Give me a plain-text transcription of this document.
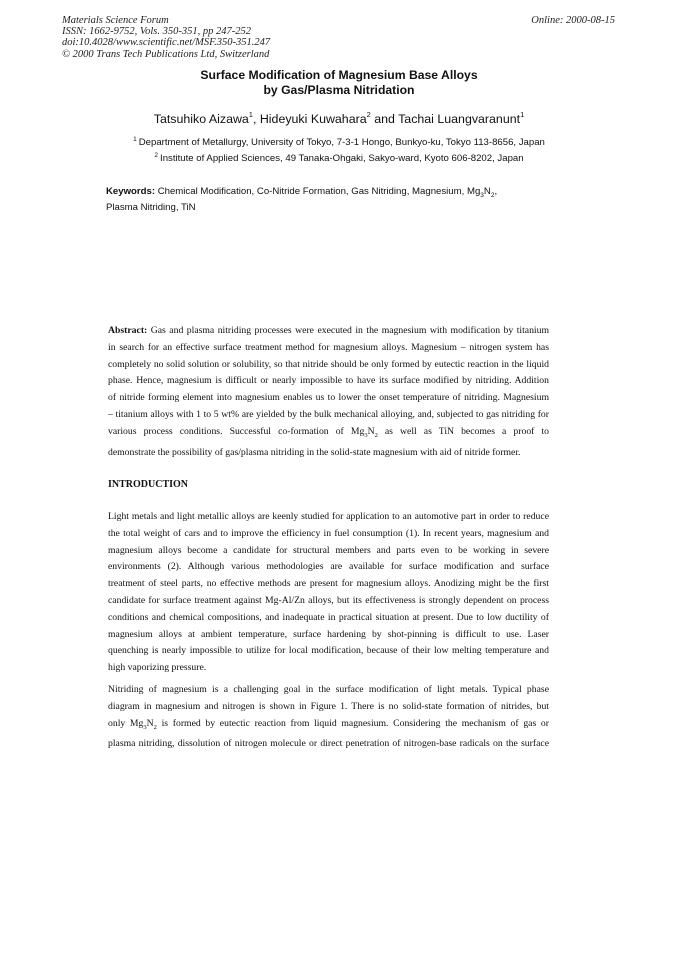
Materials Science Forum
ISSN: 1662-9752, Vols. 350-351, pp 247-252
doi:10.4028/www.scientific.net/MSF.350-351.247
© 2000 Trans Tech Publications Ltd, Switzerland
Online: 2000-08-15
Surface Modification of Magnesium Base Alloys
by Gas/Plasma Nitridation
Tatsuhiko Aizawa$^1$, Hideyuki Kuwahara$^2$ and Tachai Luangvaranunt$^1$
$^1$ Department of Metallurgy, University of Tokyo, 7-3-1 Hongo, Bunkyo-ku, Tokyo 113-8656, Japan
$^2$ Institute of Applied Sciences, 49 Tanaka-Ohgaki, Sakyo-ward, Kyoto 606-8202, Japan
Keywords: Chemical Modification, Co-Nitride Formation, Gas Nitriding, Magnesium, $Mg_3N_2$,
Plasma Nitriding, TiN
Abstract: Gas and plasma nitriding processes were executed in the magnesium with modification by titanium
in search for an effective surface treatment method for magnesium alloys. Magnesium – nitrogen system has
completely no solid solution or solubility, so that nitride should be only formed by eutectic reaction in the liquid
phase. Hence, magnesium is difficult or nearly impossible to have its surface modified by nitriding. Addition
of nitride forming element into magnesium enables us to lower the onset temperature of nitriding. Magnesium
– titanium alloys with 1 to 5 wt% are yielded by the bulk mechanical alloying, and, subjected to gas nitriding for
various process conditions. Successful co-formation of $Mg_3N_2$ as well as TiN becomes a proof to
demonstrate the possibility of gas/plasma nitriding in the solid-state magnesium with aid of nitride former.
INTRODUCTION
Light metals and light metallic alloys are keenly studied for application to an automotive part in order to reduce
the total weight of cars and to improve the efficiency in fuel consumption (1). In recent years, magnesium and
magnesium alloys become a candidate for structural members and parts even to be working in severe
environments (2). Although various methodologies are available for surface modification and surface
treatment of steel parts, no effective methods are present for magnesium alloys. Anodizing might be the first
candidate for surface treatment against Mg-Al/Zn alloys, but its effectiveness is strongly dependent on process
conditions and chemical compositions, and inadequate in practical situation at present. Due to low ductility of
magnesium alloys at ambient temperature, surface hardening by shot-pinning is difficult to use. Laser
quenching is nearly impossible to utilize for local modification, because of their low melting temperature and
high vaporizing pressure.
Nitriding of magnesium is a challenging goal in the surface modification of light metals. Typical phase
diagram in magnesium and nitrogen is shown in Figure 1. There is no solid-state formation of nitrides, but
only $Mg_3N_2$ is formed by eutectic reaction from liquid magnesium. Considering the mechanism of gas or
plasma nitriding, dissolution of nitrogen molecule or direct penetration of nitrogen-base radicals on the surface
